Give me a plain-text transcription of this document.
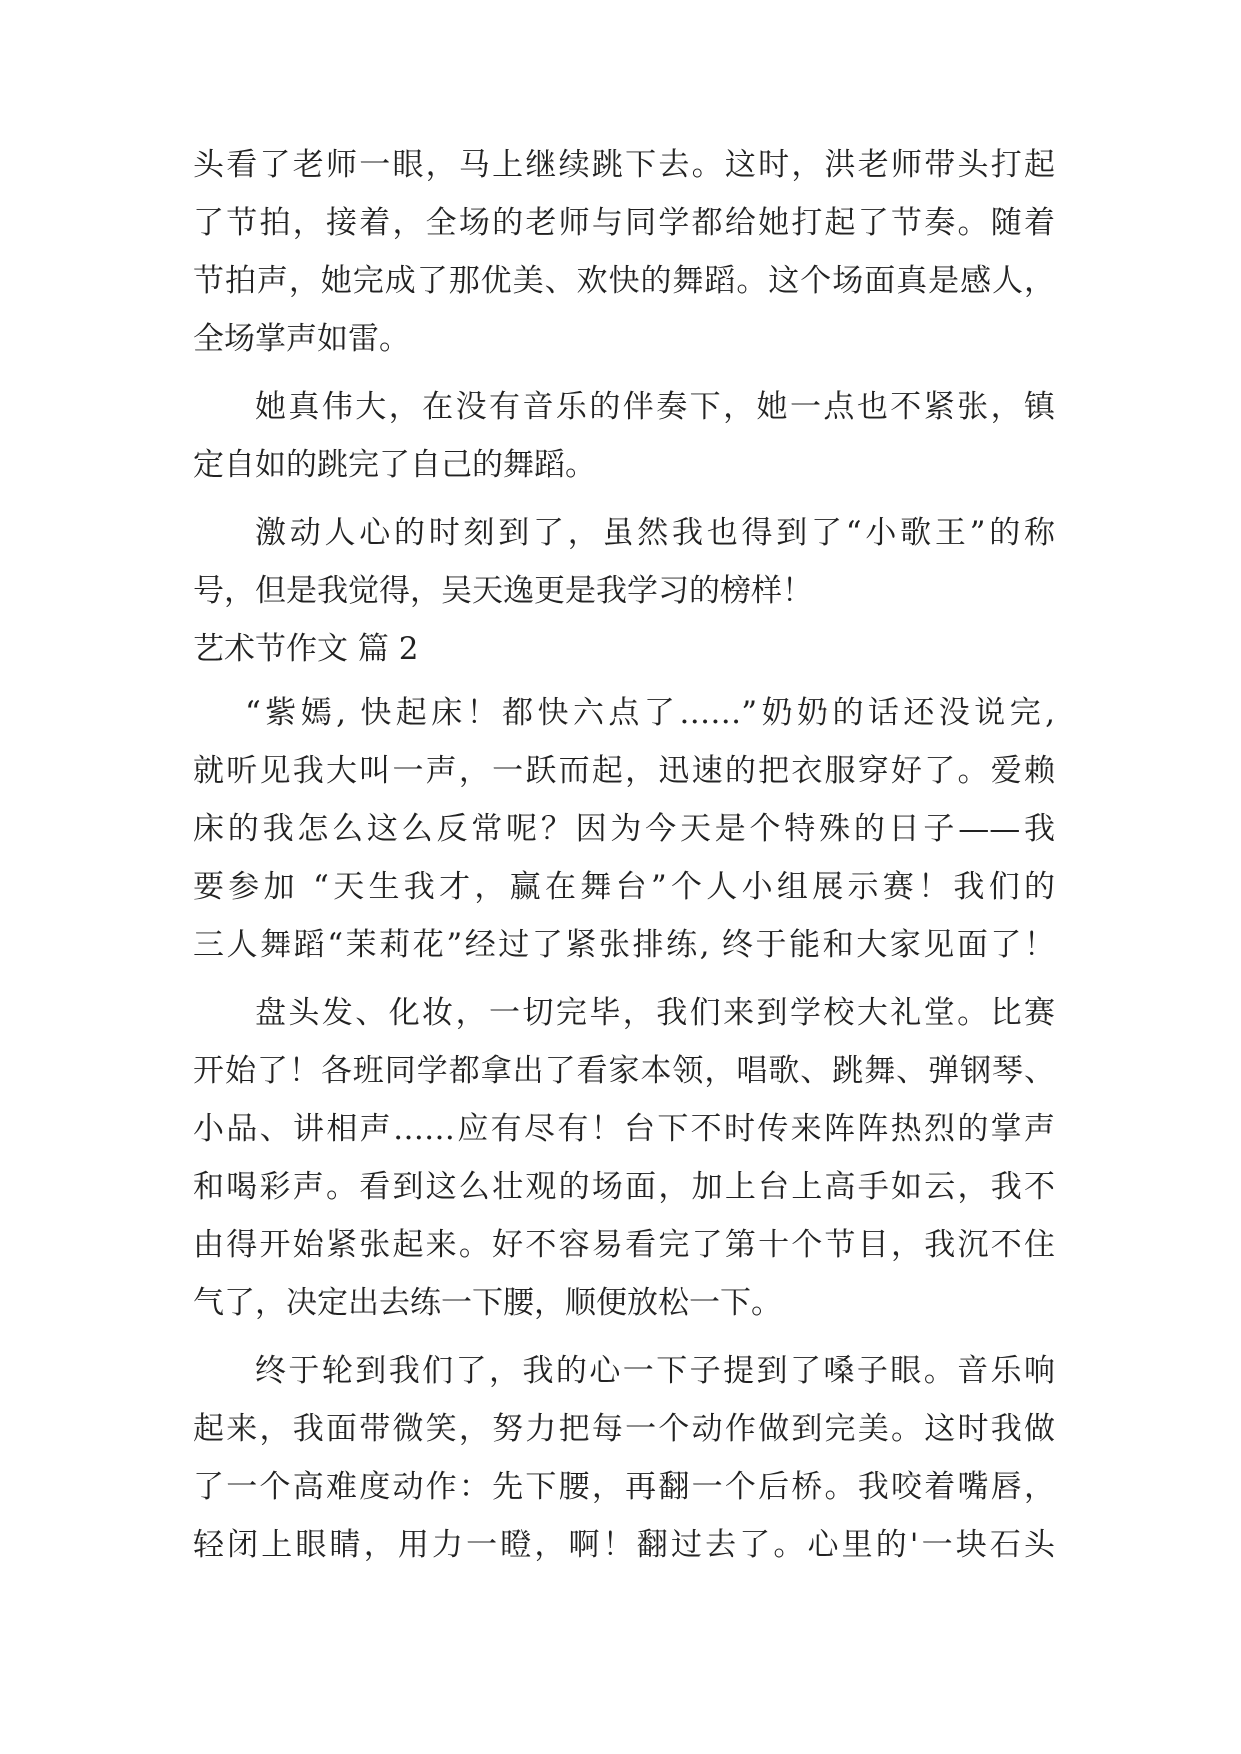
头看了老师一眼，马上继续跳下去。这时，洪老师带头打起
了节拍，接着，全场的老师与同学都给她打起了节奏。随着
节拍声，她完成了那优美、欢快的舞蹈。这个场面真是感人，
全场掌声如雷。
她真伟大，在没有音乐的伴奏下，她一点也不紧张，镇
定自如的跳完了自己的舞蹈。
激动人心的时刻到了，虽然我也得到了“小歌王”的称
号，但是我觉得，吴天逸更是我学习的榜样！
艺术节作文 篇 2
“紫嫣, 快起床！都快六点了……”奶奶的话还没说完,
就听见我大叫一声，一跃而起，迅速的把衣服穿好了。爱赖
床的我怎么这么反常呢？因为今天是个特殊的日子——我
要参加 “天生我才，赢在舞台”个人小组展示赛！我们的
三人舞蹈“茉莉花”经过了紧张排练, 终于能和大家见面了！
盘头发、化妆，一切完毕，我们来到学校大礼堂。比赛
开始了！各班同学都拿出了看家本领，唱歌、跳舞、弹钢琴、
小品、讲相声……应有尽有！台下不时传来阵阵热烈的掌声
和喝彩声。看到这么壮观的场面，加上台上高手如云，我不
由得开始紧张起来。好不容易看完了第十个节目，我沉不住
气了，决定出去练一下腰，顺便放松一下。
终于轮到我们了，我的心一下子提到了嗓子眼。音乐响
起来，我面带微笑，努力把每一个动作做到完美。这时我做
了一个高难度动作：先下腰，再翻一个后桥。我咬着嘴唇，
轻闭上眼睛，用力一瞪，啊！翻过去了。心里的'一块石头
